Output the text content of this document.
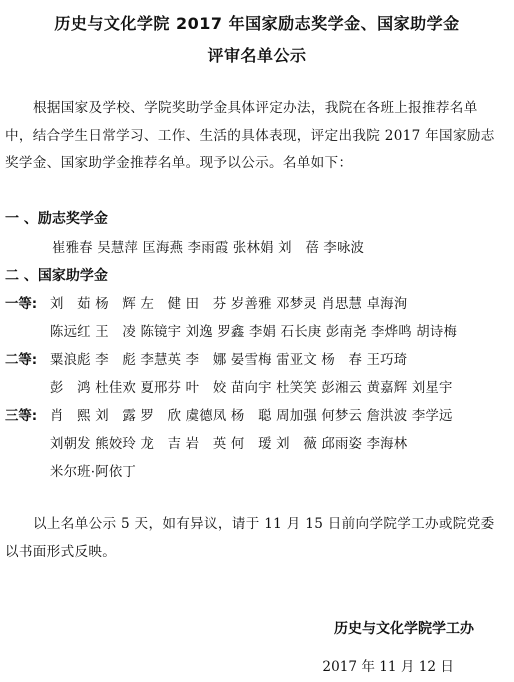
历史与文化学院 2017 年国家励志奖学金、国家助学金
评审名单公示
根据国家及学校、学院奖助学金具体评定办法，我院在各班上报推荐名单中，结合学生日常学习、工作、生活的具体表现，评定出我院 2017 年国家励志奖学金、国家助学金推荐名单。现予以公示。名单如下：
一 、励志奖学金
崔雅春 吴慧萍 匡海燕 李雨霞 张林娟 刘　蓓 李咏波
二 、国家助学金
一等: 刘　茹 杨　辉 左　健 田　芬 岁善雅 邓梦灵 肖思慧 卓海洵
陈远红 王　凌 陈镜宇 刘逸 罗鑫 李娟 石长庚 彭南尧 李烨鸣 胡诗梅
二等: 粟浪彪 李　彪 李慧英 李　娜 晏雪梅 雷亚文 杨　春 王巧琦
彭　鸿 杜佳欢 夏邢芬 叶　姣 苗向宇 杜笑笑 彭湘云 黄嘉辉 刘星宇
三等: 肖　熙 刘　露 罗　欣 虞德凤 杨　聪 周加强 何梦云 詹洪波 李学远
刘朝发 熊姣玲 龙　吉 岩　英 何　瑷 刘　薇 邱雨姿 李海林
米尔班·阿依丁
以上名单公示 5 天，如有异议，请于 11 月 15 日前向学院学工办或院党委以书面形式反映。
历史与文化学院学工办
2017 年 11 月 12 日
